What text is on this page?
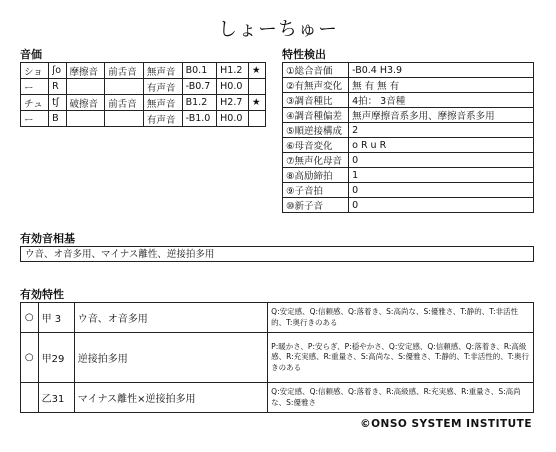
しょーちゅー
音価
ショ	ʃo	摩擦音	前舌音	無声音	B0.1	H1.2	★
ー	R			有声音	-B0.7	H0.0	
チュ	tʃ	破擦音	前舌音	無声音	B1.2	H2.7	★
ー	B			有声音	-B1.0	H0.0	
特性検出
①総合音価	-B0.4 H3.9
②有無声変化	無 有 無 有
③調音種比	4拍： 3音種
④調音種偏差	無声摩擦音系多用、摩擦音系多用
⑤順逆接構成	2
⑥母音変化	o R u R
⑦無声化母音	0
⑧高励締拍	1
⑨子音拍	0
⑩新子音	0
有効音相基
ウ音、オ音多用、マイナス離性、逆接拍多用
有効特性
○	甲 3	ウ音、オ音多用	Q:安定感、Q:信頼感、Q:落着き、S:高尚な、S:優雅さ、T:静的、T:非活性的、T:奥行きのある
○	甲29	逆接拍多用	P:暖かさ、P:安らぎ、P:穏やかさ、Q:安定感、Q:信頼感、Q:落着き、R:高級感、R:充実感、R:重量さ、S:高尚な、S:優雅さ、T:静的、T:非活性的、T:奥行きのある
	乙31	マイナス離性×逆接拍多用	Q:安定感、Q:信頼感、Q:落着き、R:高級感、R:充実感、R:重量さ、S:高尚な、S:優雅さ
©ONSO SYSTEM INSTITUTE
